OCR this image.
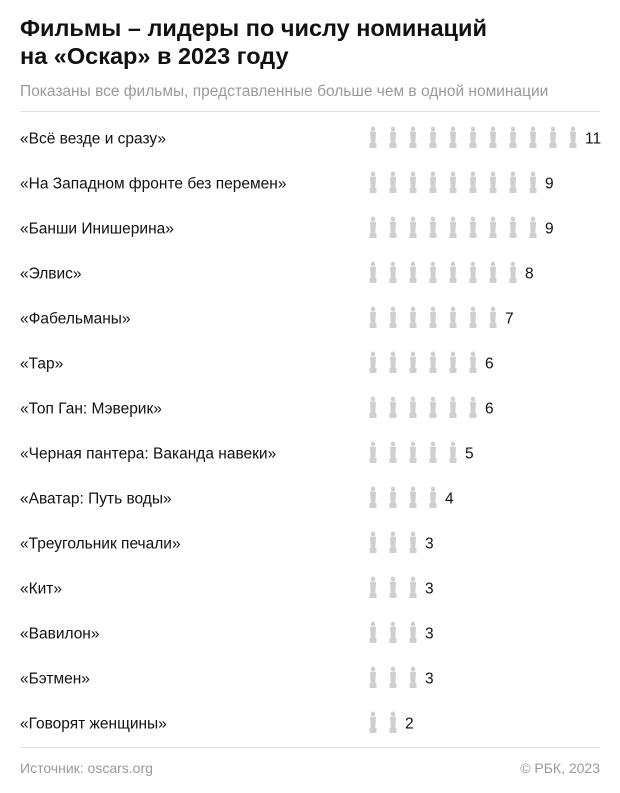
Фильмы – лидеры по числу номинаций
на «Оскар» в 2023 году
Показаны все фильмы, представленные больше чем в одной номинации
«Всё везде и сразу»	11
«На Западном фронте без перемен»	9
«Банши Инишерина»	9
«Элвис»	8
«Фабельманы»	7
«Тар»	6
«Топ Ган: Мэверик»	6
«Черная пантера: Ваканда навеки»	5
«Аватар: Путь воды»	4
«Треугольник печали»	3
«Кит»	3
«Вавилон»	3
«Бэтмен»	3
«Говорят женщины»	2
Источник: oscars.org	© РБК, 2023
